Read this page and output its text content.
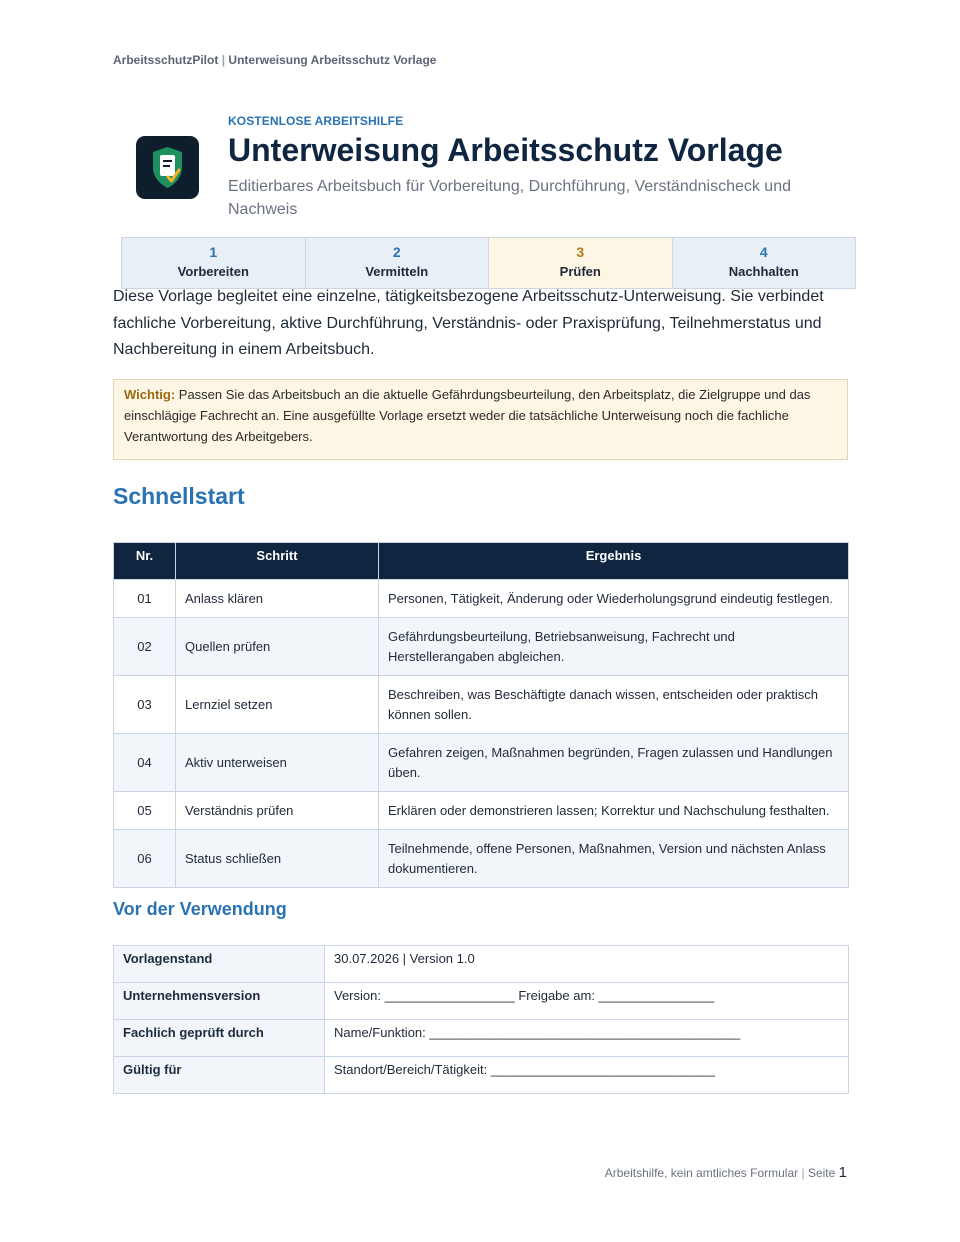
ArbeitsschutzPilot | Unterweisung Arbeitsschutz Vorlage
KOSTENLOSE ARBEITSHILFE
Unterweisung Arbeitsschutz Vorlage
Editierbares Arbeitsbuch für Vorbereitung, Durchführung, Verständnischeck und Nachweis
1
Vorbereiten
2
Vermitteln
3
Prüfen
4
Nachhalten

Diese Vorlage begleitet eine einzelne, tätigkeitsbezogene Arbeitsschutz-Unterweisung. Sie verbindet fachliche Vorbereitung, aktive Durchführung, Verständnis- oder Praxisprüfung, Teilnehmerstatus und Nachbereitung in einem Arbeitsbuch.

Wichtig: Passen Sie das Arbeitsbuch an die aktuelle Gefährdungsbeurteilung, den Arbeitsplatz, die Zielgruppe und das einschlägige Fachrecht an. Eine ausgefüllte Vorlage ersetzt weder die tatsächliche Unterweisung noch die fachliche Verantwortung des Arbeitgebers.
Schnellstart
Nr.	Schritt	Ergebnis
01	Anlass klären	Personen, Tätigkeit, Änderung oder Wiederholungsgrund eindeutig festlegen.
02	Quellen prüfen	Gefährdungsbeurteilung, Betriebsanweisung, Fachrecht und Herstellerangaben abgleichen.
03	Lernziel setzen	Beschreiben, was Beschäftigte danach wissen, entscheiden oder praktisch können sollen.
04	Aktiv unterweisen	Gefahren zeigen, Maßnahmen begründen, Fragen zulassen und Handlungen üben.
05	Verständnis prüfen	Erklären oder demonstrieren lassen; Korrektur und Nachschulung festhalten.
06	Status schließen	Teilnehmende, offene Personen, Maßnahmen, Version und nächsten Anlass dokumentieren.
Vor der Verwendung
Vorlagenstand	30.07.2026 | Version 1.0
Unternehmensversion	Version: __________________ Freigabe am: ________________
Fachlich geprüft durch	Name/Funktion: ___________________________________________
Gültig für	Standort/Bereich/Tätigkeit: _______________________________
Arbeitshilfe, kein amtliches Formular | Seite 1
